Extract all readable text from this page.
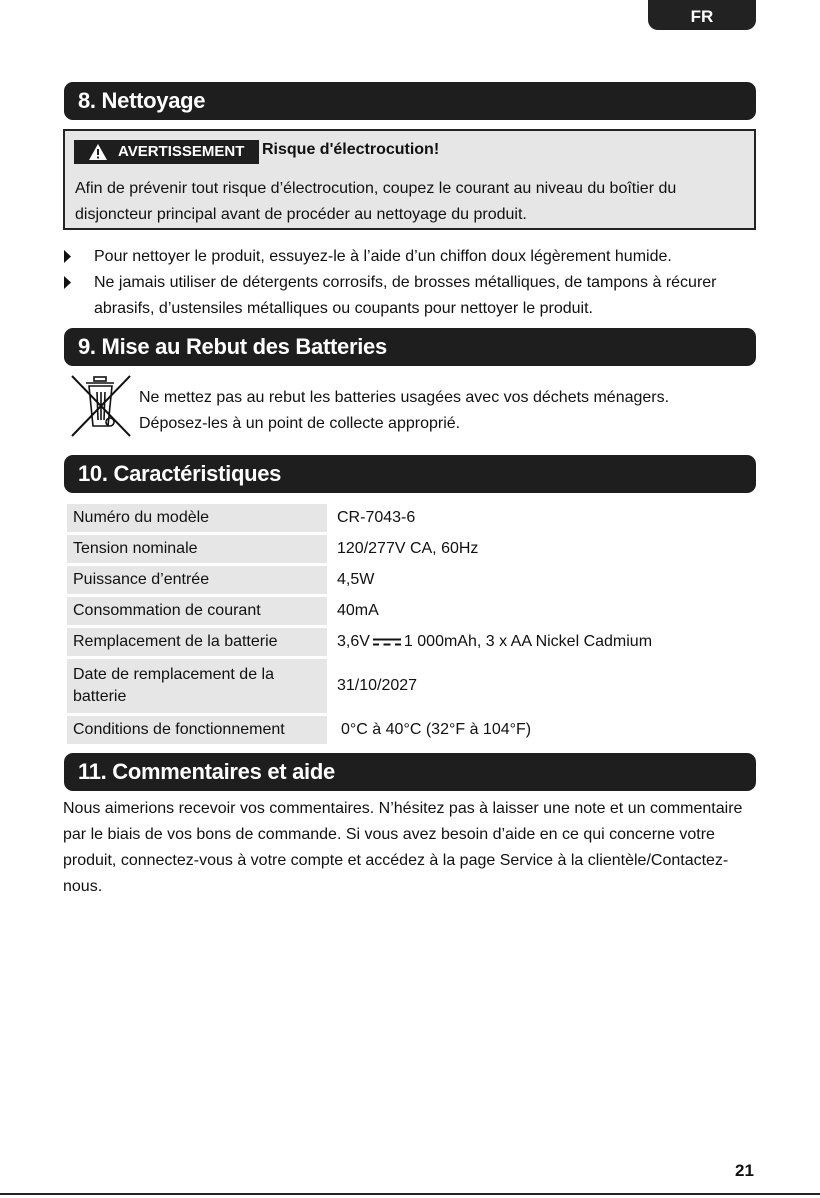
FR
8. Nettoyage
AVERTISSEMENT	Risque d'électrocution!
Afin de prévenir tout risque d’électrocution, coupez le courant au niveau du boîtier du disjoncteur principal avant de procéder au nettoyage du produit.
Pour nettoyer le produit, essuyez-le à l’aide d’un chiffon doux légèrement humide.
Ne jamais utiliser de détergents corrosifs, de brosses métalliques, de tampons à récurer abrasifs, d’ustensiles métalliques ou coupants pour nettoyer le produit.
9. Mise au Rebut des Batteries
Ne mettez pas au rebut les batteries usagées avec vos déchets ménagers.
Déposez-les à un point de collecte approprié.
10. Caractéristiques
Numéro du modèle	CR-7043-6
Tension nominale	120/277V CA, 60Hz
Puissance d’entrée	4,5W
Consommation de courant	40mA
Remplacement de la batterie	3,6V 1 000mAh, 3 x AA Nickel Cadmium
Date de remplacement de la batterie	31/10/2027
Conditions de fonctionnement	0°C à 40°C (32°F à 104°F)
11. Commentaires et aide
Nous aimerions recevoir vos commentaires. N’hésitez pas à laisser une note et un commentaire par le biais de vos bons de commande. Si vous avez besoin d’aide en ce qui concerne votre produit, connectez-vous à votre compte et accédez à la page Service à la clientèle/Contactez-nous.
21
